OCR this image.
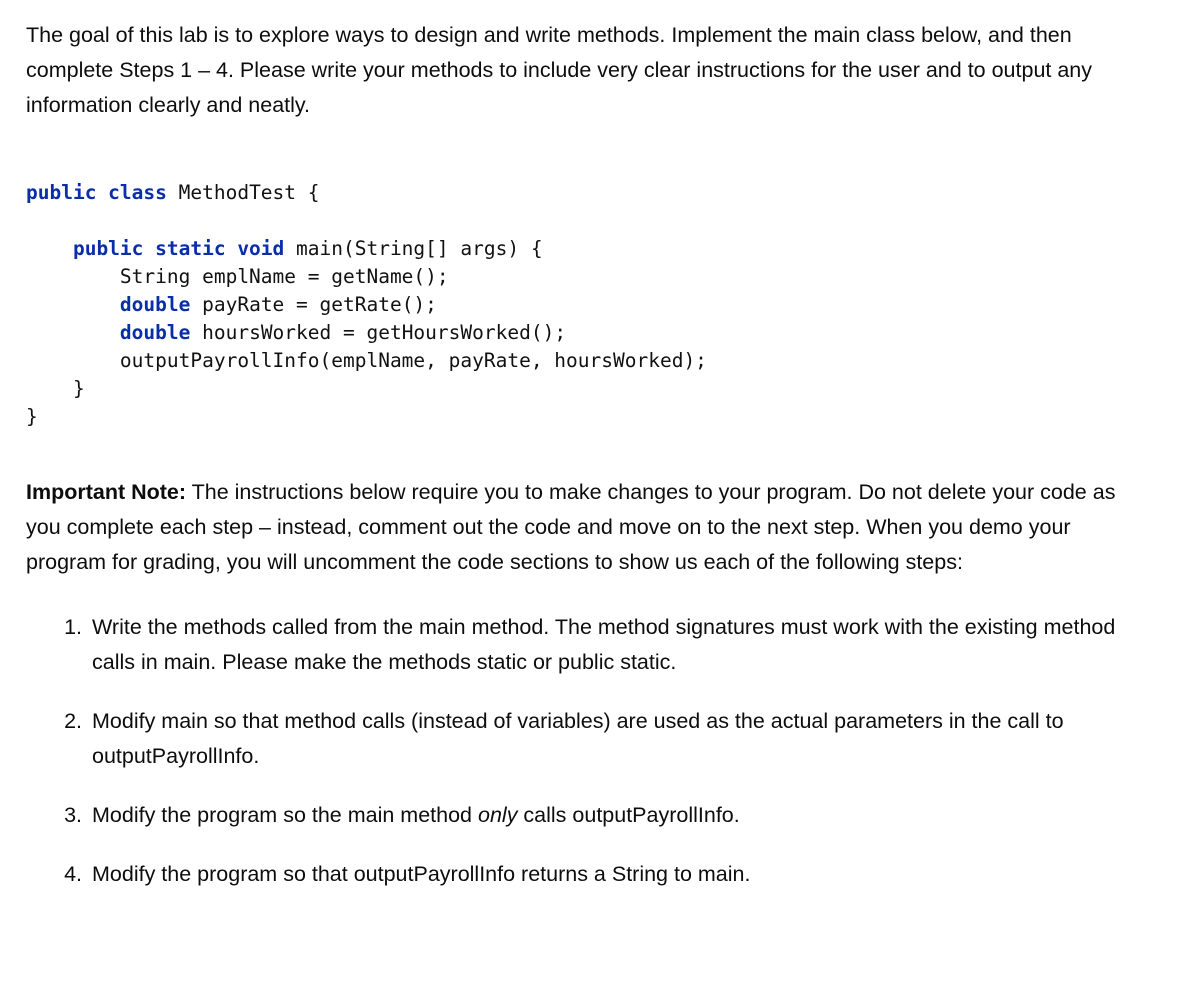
The goal of this lab is to explore ways to design and write methods. Implement the main class below, and then complete Steps 1 – 4. Please write your methods to include very clear instructions for the user and to output any information clearly and neatly.

public class MethodTest {

public static void main(String[] args) {
String emplName = getName();
double payRate = getRate();
double hoursWorked = getHoursWorked();
outputPayrollInfo(emplName, payRate, hoursWorked);
}
}

Important Note: The instructions below require you to make changes to your program. Do not delete your code as you complete each step – instead, comment out the code and move on to the next step. When you demo your program for grading, you will uncomment the code sections to show us each of the following steps:

1. Write the methods called from the main method. The method signatures must work with the existing method calls in main. Please make the methods static or public static.
2. Modify main so that method calls (instead of variables) are used as the actual parameters in the call to outputPayrollInfo.
3. Modify the program so the main method only calls outputPayrollInfo.
4. Modify the program so that outputPayrollInfo returns a String to main.
